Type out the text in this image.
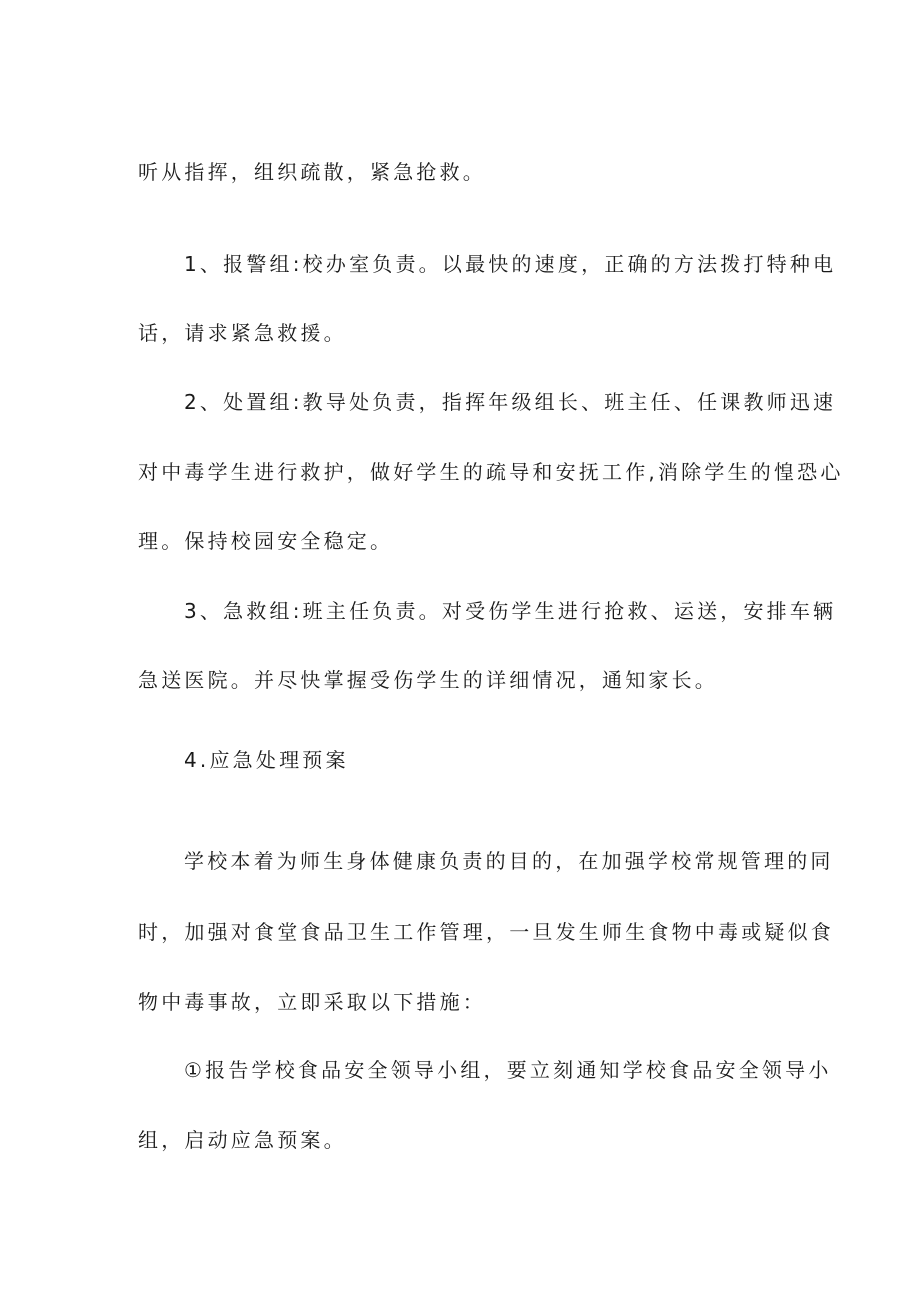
听从指挥，组织疏散，紧急抢救。
1、报警组:校办室负责。以最快的速度，正确的方法拨打特种电
话，请求紧急救援。
2、处置组:教导处负责，指挥年级组长、班主任、任课教师迅速
对中毒学生进行救护，做好学生的疏导和安抚工作,消除学生的惶恐心
理。保持校园安全稳定。
3、急救组:班主任负责。对受伤学生进行抢救、运送，安排车辆
急送医院。并尽快掌握受伤学生的详细情况，通知家长。
4.应急处理预案
学校本着为师生身体健康负责的目的，在加强学校常规管理的同
时，加强对食堂食品卫生工作管理，一旦发生师生食物中毒或疑似食
物中毒事故，立即采取以下措施：
①报告学校食品安全领导小组，要立刻通知学校食品安全领导小
组，启动应急预案。
